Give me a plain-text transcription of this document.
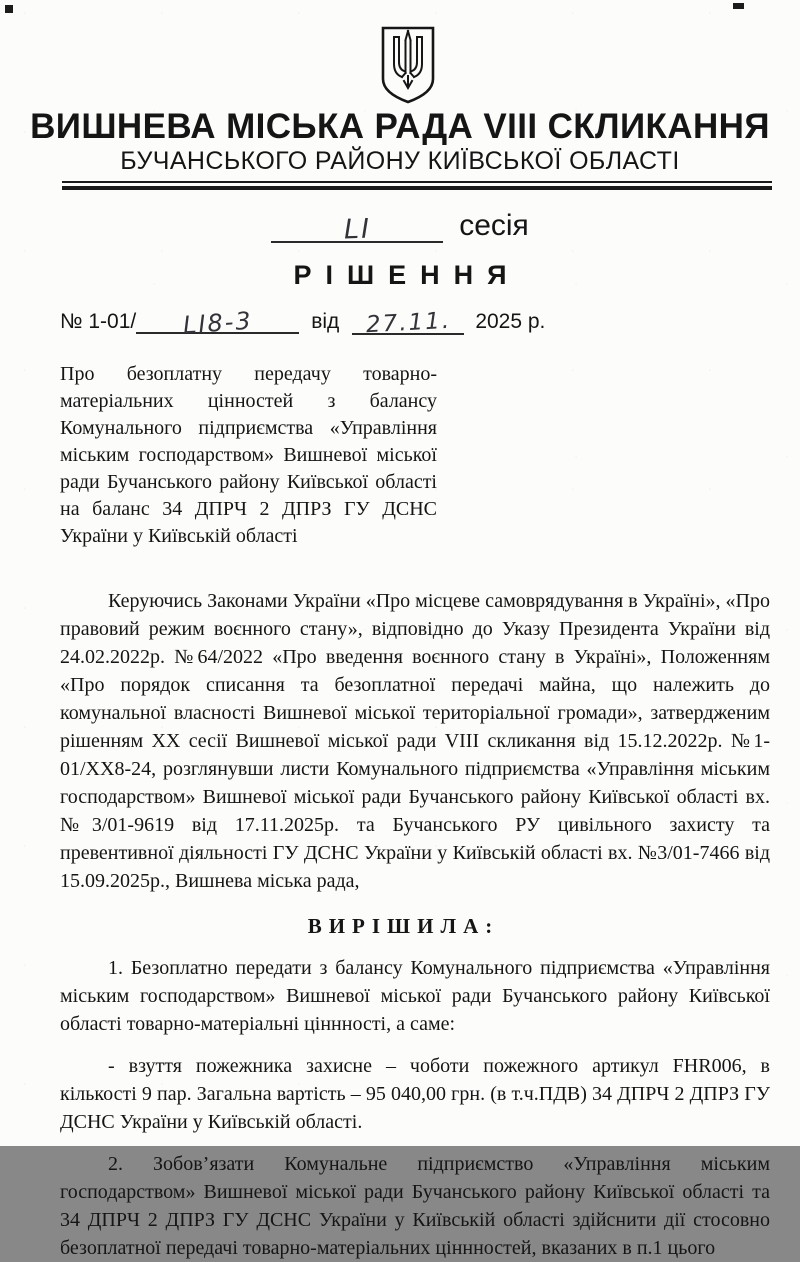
ВИШНЕВА МІСЬКА РАДА VIII СКЛИКАННЯ
БУЧАНСЬКОГО РАЙОНУ КИЇВСЬКОЇ ОБЛАСТІ
LI	сесія
РІШЕННЯ
№ 1-01/	LI8-3	від	27.11.	2025 р.

Про безоплатну передачу товарно-матеріальних цінностей з балансу Комунального підприємства «Управління міським господарством» Вишневої міської ради Бучанського району Київської області на баланс 34 ДПРЧ 2 ДПРЗ ГУ ДСНС України у Київській області

Керуючись Законами України «Про місцеве самоврядування в Україні», «Про правовий режим воєнного стану», відповідно до Указу Президента України від 24.02.2022р. №64/2022 «Про введення воєнного стану в Україні», Положенням «Про порядок списання та безоплатної передачі майна, що належить до комунальної власності Вишневої міської територіальної громади», затвердженим рішенням XX сесії Вишневої міської ради VIII скликання від 15.12.2022р. №1-01/XX8-24, розглянувши листи Комунального підприємства «Управління міським господарством» Вишневої міської ради Бучанського району Київської області вх. №3/01-9619 від 17.11.2025р. та Бучанського РУ цивільного захисту та превентивної діяльності ГУ ДСНС України у Київській області вх. №3/01-7466 від 15.09.2025р., Вишнева міська рада,

ВИРІШИЛА:

1. Безоплатно передати з балансу Комунального підприємства «Управління міським господарством» Вишневої міської ради Бучанського району Київської області товарно-матеріальні ціннності, а саме:

- взуття пожежника захисне – чоботи пожежного артикул FHR006, в кількості 9 пар. Загальна вартість – 95 040,00 грн. (в т.ч.ПДВ) 34 ДПРЧ 2 ДПРЗ ГУ ДСНС України у Київській області.

2. Зобов’язати Комунальне підприємство «Управління міським господарством» Вишневої міської ради Бучанського району Київської області та 34 ДПРЧ 2 ДПРЗ ГУ ДСНС України у Київській області здійснити дії стосовно безоплатної передачі товарно-матеріальних ціннностей, вказаних в п.1 цього
